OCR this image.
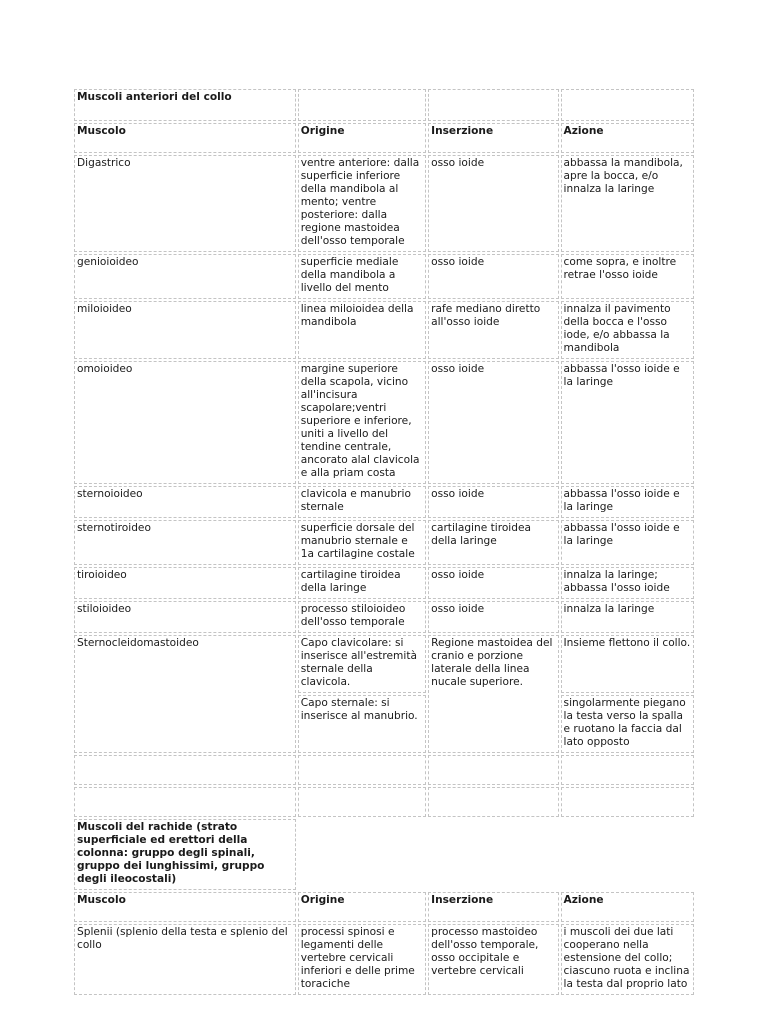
Muscoli anteriori del collo			
Muscolo	Origine	Inserzione	Azione
Digastrico	ventre anteriore: dalla superficie inferiore della mandibola al mento; ventre posteriore: dalla regione mastoidea dell'osso temporale	osso ioide	abbassa la mandibola, apre la bocca, e/o innalza la laringe
genioioideo	superficie mediale della mandibola a livello del mento	osso ioide	come sopra, e inoltre retrae l'osso ioide
miloioideo	linea miloioidea della mandibola	rafe mediano diretto all'osso ioide	innalza il pavimento della bocca e l'osso iode, e/o abbassa la mandibola
omoioideo	margine superiore della scapola, vicino all'incisura scapolare;ventri superiore e inferiore, uniti a livello del tendine centrale, ancorato alal clavicola e alla priam costa	osso ioide	abbassa l'osso ioide e la laringe
sternoioideo	clavicola e manubrio sternale	osso ioide	abbassa l'osso ioide e la laringe
sternotiroideo	superficie dorsale del manubrio sternale e 1a cartilagine costale	cartilagine tiroidea della laringe	abbassa l'osso ioide e la laringe
tiroioideo	cartilagine tiroidea della laringe	osso ioide	innalza la laringe; abbassa l'osso ioide
stiloioideo	processo stiloioideo dell'osso temporale	osso ioide	innalza la laringe
Sternocleidomastoideo	Capo clavicolare: si inserisce all'estremità sternale della clavicola.	Regione mastoidea del cranio e porzione laterale della linea nucale superiore.	Insieme flettono il collo.
	Capo sternale: si inserisce al manubrio.		singolarmente piegano la testa verso la spalla e ruotano la faccia dal lato opposto

Muscoli del rachide (strato superficiale ed erettori della colonna: gruppo degli spinali, gruppo dei lunghissimi, gruppo degli ileocostali)			
Muscolo	Origine	Inserzione	Azione
Splenii (splenio della testa e splenio del collo	processi spinosi e legamenti delle vertebre cervicali inferiori e delle prime toraciche	processo mastoideo dell'osso temporale, osso occipitale e vertebre cervicali	i muscoli dei due lati cooperano nella estensione del collo; ciascuno ruota e inclina la testa dal proprio lato
